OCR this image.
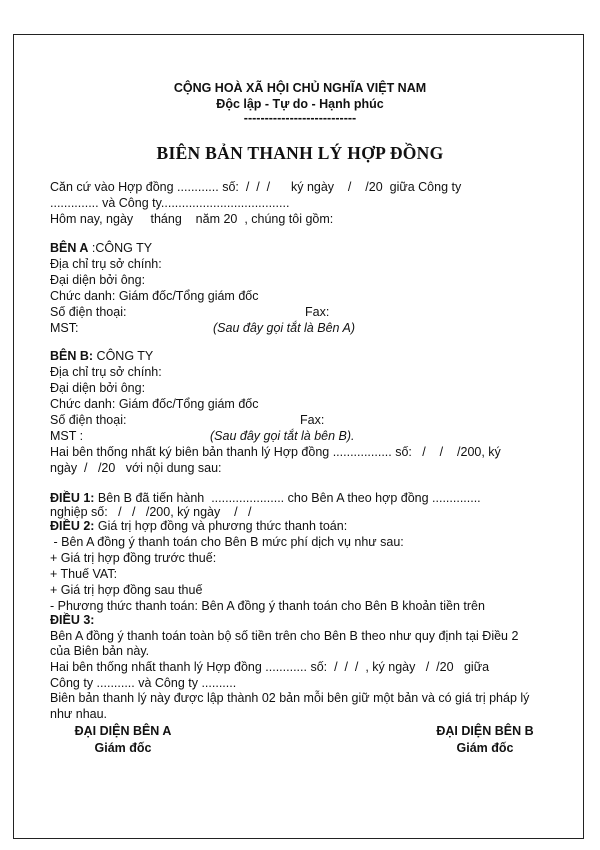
CỘNG HOÀ XÃ HỘI CHỦ NGHĨA VIỆT NAM
Độc lập - Tự do - Hạnh phúc
---------------------------
BIÊN BẢN THANH LÝ HỢP ĐỒNG
Căn cứ vào Hợp đồng ............ số:  /  /  /      ký ngày    /    /20  giữa Công ty
.............. và Công ty.....................................
Hôm nay, ngày     tháng    năm 20  , chúng tôi gồm:
BÊN A :CÔNG TY
Địa chỉ trụ sở chính:
Đại diện bởi ông:
Chức danh: Giám đốc/Tổng giám đốc
Số điện thoại:	Fax:
MST:	(Sau đây gọi tắt là Bên A)
BÊN B: CÔNG TY
Địa chỉ trụ sở chính:
Đại diện bởi ông:
Chức danh: Giám đốc/Tổng giám đốc
Số điện thoại:	Fax:
MST :	(Sau đây gọi tắt là bên B).
Hai bên thống nhất ký biên bản thanh lý Hợp đồng ................. số:   /    /    /200, ký
ngày  /   /20   với nội dung sau:
ĐIỀU 1: Bên B đã tiến hành  ..................... cho Bên A theo hợp đồng ..............
nghiệp số:   /   /   /200, ký ngày    /   /
ĐIỀU 2: Giá trị hợp đồng và phương thức thanh toán:
- Bên A đồng ý thanh toán cho Bên B mức phí dịch vụ như sau:
+ Giá trị hợp đồng trước thuế:
+ Thuế VAT:
+ Giá trị hợp đồng sau thuế
- Phương thức thanh toán: Bên A đồng ý thanh toán cho Bên B khoản tiền trên
ĐIỀU 3:
Bên A đồng ý thanh toán toàn bộ số tiền trên cho Bên B theo như quy định tại Điều 2
của Biên bản này.
Hai bên thống nhất thanh lý Hợp đồng ............ số:  /  /  /  , ký ngày   /  /20   giữa
Công ty ........... và Công ty ..........
Biên bản thanh lý này được lập thành 02 bản mỗi bên giữ một bản và có giá trị pháp lý
như nhau.
ĐẠI DIỆN BÊN A
Giám đốc
ĐẠI DIỆN BÊN B
Giám đốc
